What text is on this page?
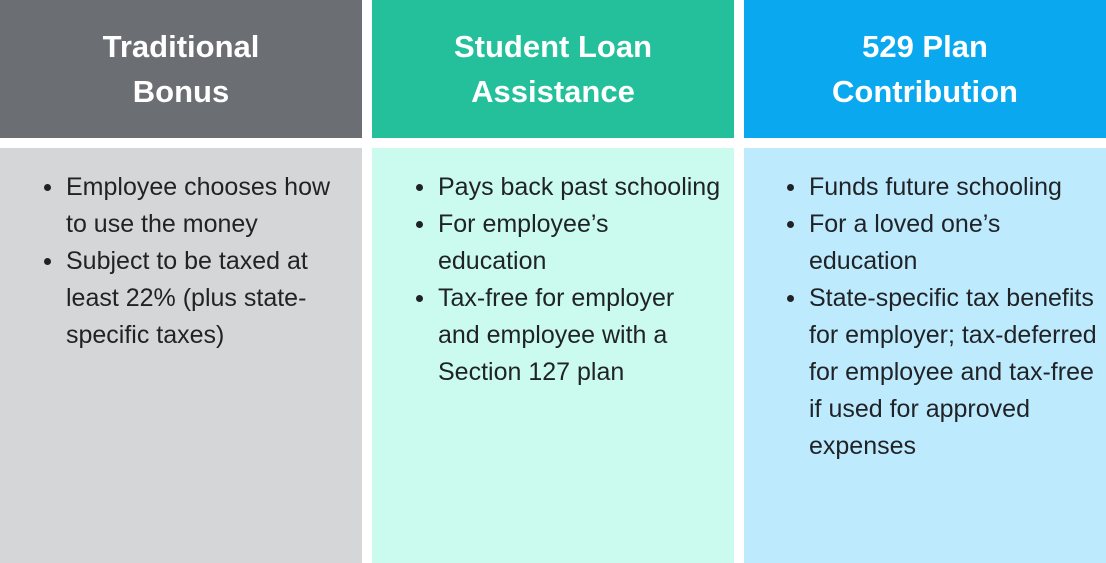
Traditional
Bonus
Employee chooses how to use the money
Subject to be taxed at least 22% (plus state-specific taxes)
Student Loan
Assistance
Pays back past schooling
For employee’s education
Tax-free for employer and employee with a Section 127 plan
529 Plan
Contribution
Funds future schooling
For a loved one’s education
State-specific tax benefits for employer; tax-deferred for employee and tax-free if used for approved expenses
